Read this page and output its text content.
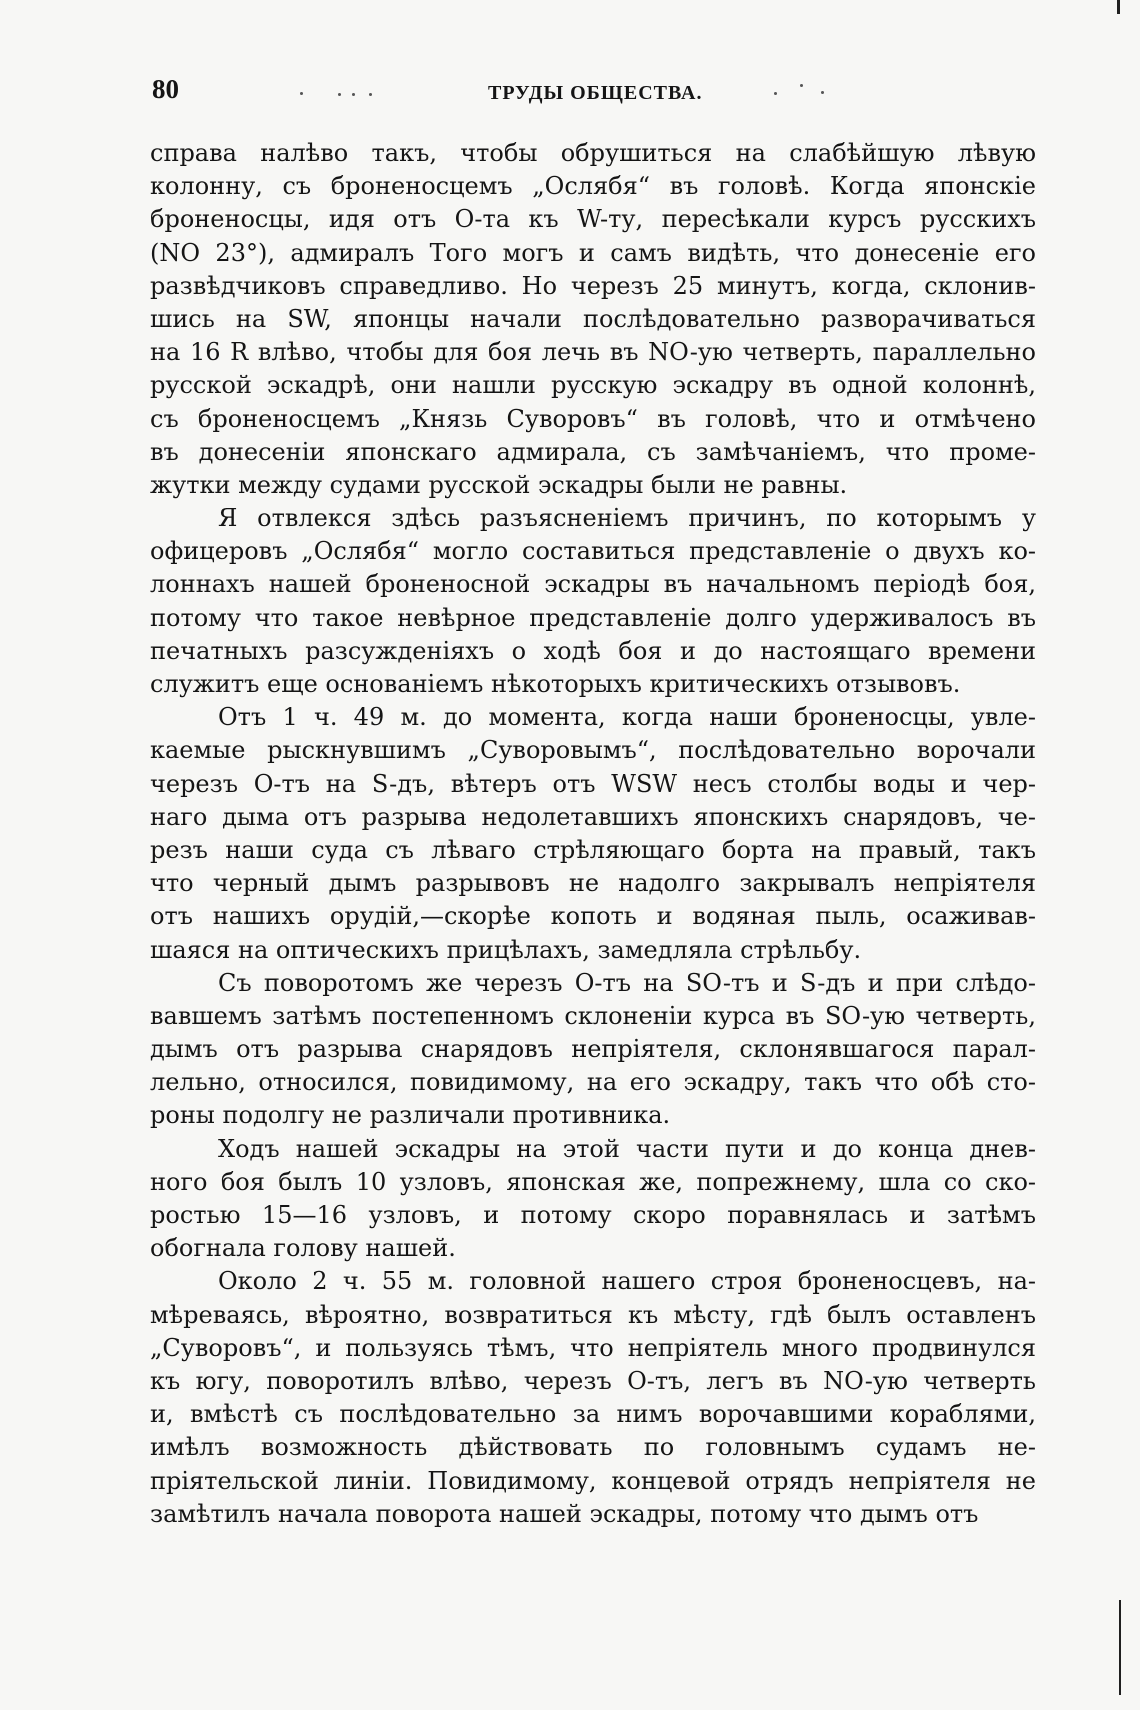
80	ТРУДЫ ОБЩЕСТВА.
справа налѣво такъ, чтобы обрушиться на слабѣйшую лѣвую
колонну, съ броненосцемъ „Ослябя“ въ головѣ. Когда японскіе
броненосцы, идя отъ О-та къ W-ту, пересѣкали курсъ русскихъ
(NO 23°), адмиралъ Того могъ и самъ видѣть, что донесеніе его
развѣдчиковъ справедливо. Но черезъ 25 минутъ, когда, склонив-
шись на SW, японцы начали послѣдовательно разворачиваться
на 16 R влѣво, чтобы для боя лечь въ NO-ую четверть, параллельно
русской эскадрѣ, они нашли русскую эскадру въ одной колоннѣ,
съ броненосцемъ „Князь Суворовъ“ въ головѣ, что и отмѣчено
въ донесеніи японскаго адмирала, съ замѣчаніемъ, что проме-
жутки между судами русской эскадры были не равны.
Я отвлекся здѣсь разъясненіемъ причинъ, по которымъ у
офицеровъ „Ослябя“ могло составиться представленіе о двухъ ко-
лоннахъ нашей броненосной эскадры въ начальномъ періодѣ боя,
потому что такое невѣрное представленіе долго удерживалосъ въ
печатныхъ разсужденіяхъ о ходѣ боя и до настоящаго времени
служитъ еще основаніемъ нѣкоторыхъ критическихъ отзывовъ.
Отъ 1 ч. 49 м. до момента, когда наши броненосцы, увле-
каемые рыскнувшимъ „Суворовымъ“, послѣдовательно ворочали
черезъ О-тъ на S-дъ, вѣтеръ отъ WSW несъ столбы воды и чер-
наго дыма отъ разрыва недолетавшихъ японскихъ снарядовъ, че-
резъ наши суда съ лѣваго стрѣляющаго борта на правый, такъ
что черный дымъ разрывовъ не надолго закрывалъ непріятеля
отъ нашихъ орудій,—скорѣе копоть и водяная пыль, осаживав-
шаяся на оптическихъ прицѣлахъ, замедляла стрѣльбу.
Съ поворотомъ же черезъ О-тъ на SO-тъ и S-дъ и при слѣдо-
вавшемъ затѣмъ постепенномъ склоненіи курса въ SO-ую четверть,
дымъ отъ разрыва снарядовъ непріятеля, склонявшагося парал-
лельно, относился, повидимому, на его эскадру, такъ что обѣ сто-
роны подолгу не различали противника.
Ходъ нашей эскадры на этой части пути и до конца днев-
ного боя былъ 10 узловъ, японская же, попрежнему, шла со ско-
ростью 15—16 узловъ, и потому скоро поравнялась и затѣмъ
обогнала голову нашей.
Около 2 ч. 55 м. головной нашего строя броненосцевъ, на-
мѣреваясь, вѣроятно, возвратиться къ мѣсту, гдѣ былъ оставленъ
„Суворовъ“, и пользуясь тѣмъ, что непріятель много продвинулся
къ югу, поворотилъ влѣво, черезъ О-тъ, легъ въ NO-ую четверть
и, вмѣстѣ съ послѣдовательно за нимъ ворочавшими кораблями,
имѣлъ возможность дѣйствовать по головнымъ судамъ не-
пріятельской линіи. Повидимому, концевой отрядъ непріятеля не
замѣтилъ начала поворота нашей эскадры, потому что дымъ отъ
